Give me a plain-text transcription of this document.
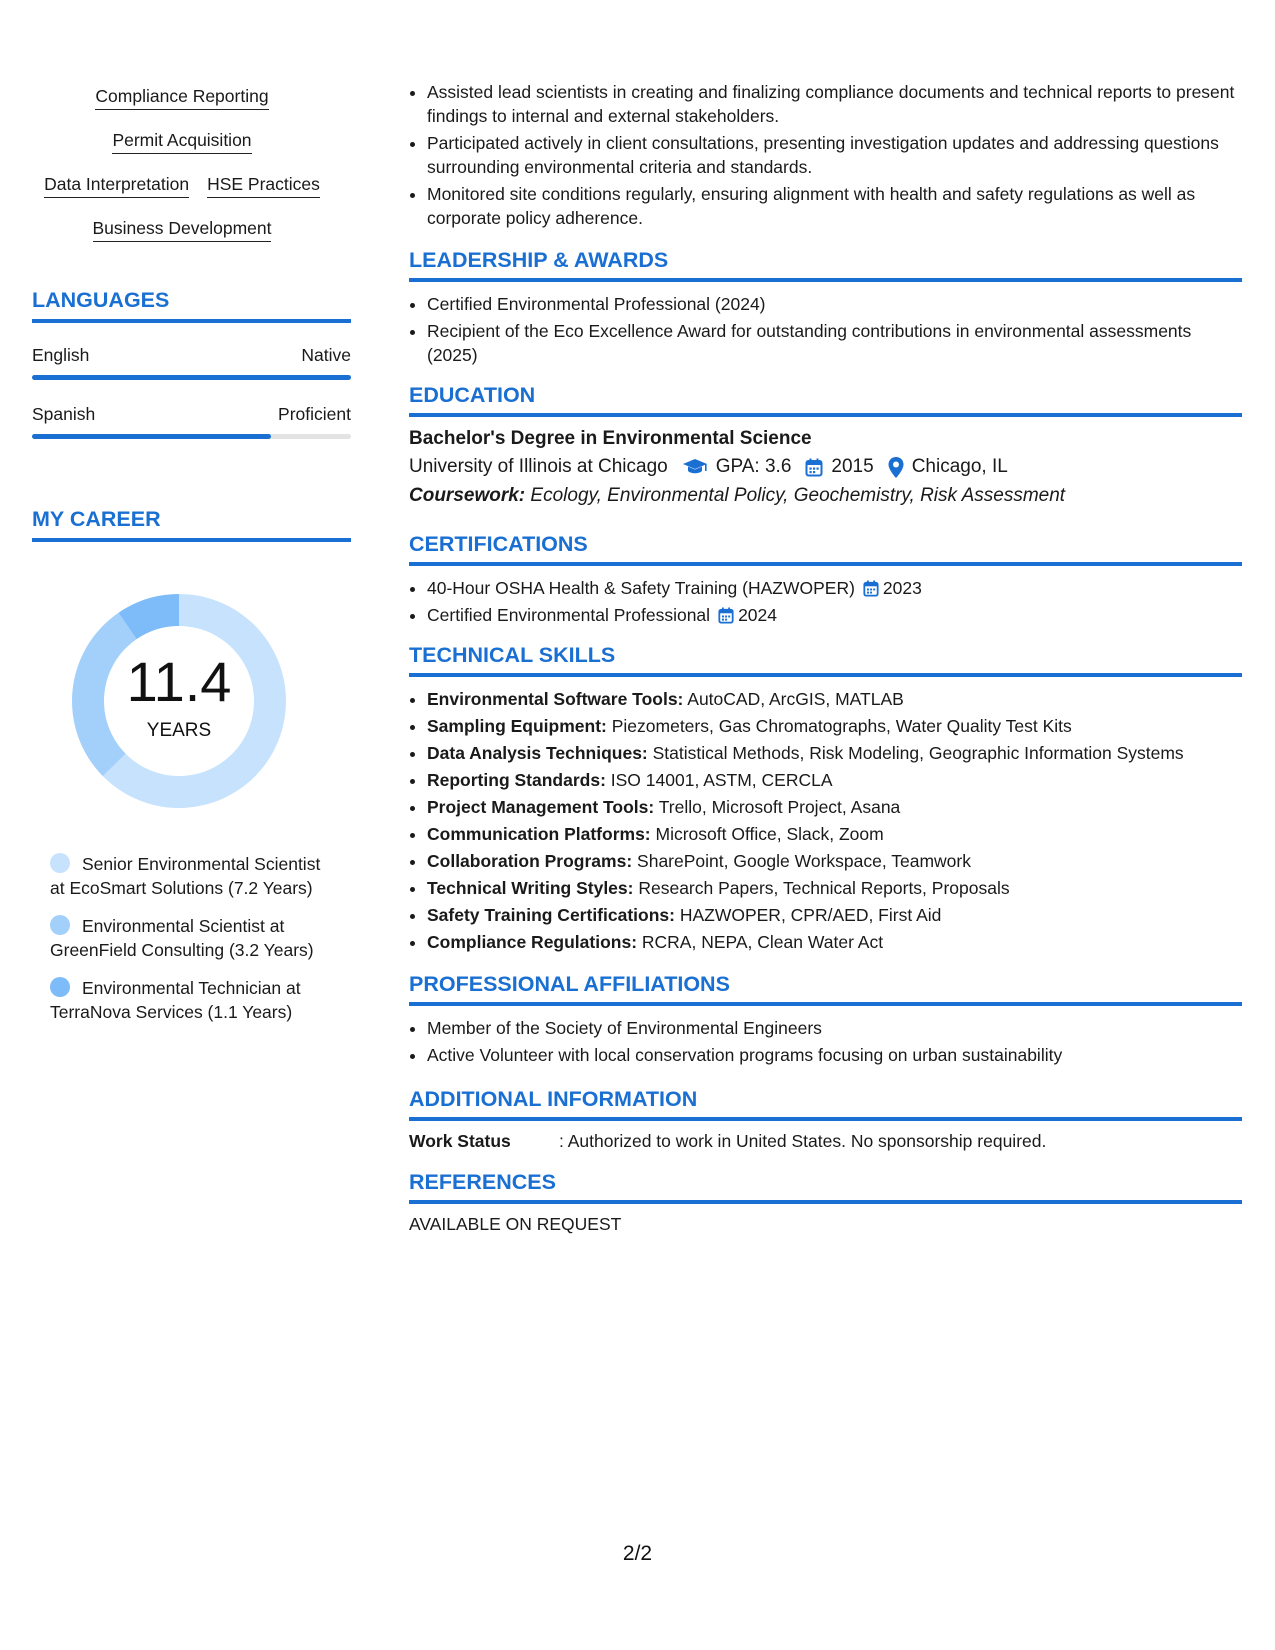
Compliance Reporting
Permit Acquisition
Data Interpretation HSE Practices
Business Development
LANGUAGES
English	Native
Spanish	Proficient
MY CAREER
11.4
YEARS
Senior Environmental Scientist at EcoSmart Solutions (7.2 Years)
Environmental Scientist at GreenField Consulting (3.2 Years)
Environmental Technician at TerraNova Services (1.1 Years)
• Assisted lead scientists in creating and finalizing compliance documents and technical reports to present findings to internal and external stakeholders.
• Participated actively in client consultations, presenting investigation updates and addressing questions surrounding environmental criteria and standards.
• Monitored site conditions regularly, ensuring alignment with health and safety regulations as well as corporate policy adherence.
LEADERSHIP & AWARDS
• Certified Environmental Professional (2024)
• Recipient of the Eco Excellence Award for outstanding contributions in environmental assessments (2025)
EDUCATION
Bachelor's Degree in Environmental Science
University of Illinois at Chicago	GPA: 3.6 2015 Chicago, IL
Coursework: Ecology, Environmental Policy, Geochemistry, Risk Assessment
CERTIFICATIONS
• 40-Hour OSHA Health & Safety Training (HAZWOPER) 2023
• Certified Environmental Professional 2024
TECHNICAL SKILLS
• Environmental Software Tools: AutoCAD, ArcGIS, MATLAB
• Sampling Equipment: Piezometers, Gas Chromatographs, Water Quality Test Kits
• Data Analysis Techniques: Statistical Methods, Risk Modeling, Geographic Information Systems
• Reporting Standards: ISO 14001, ASTM, CERCLA
• Project Management Tools: Trello, Microsoft Project, Asana
• Communication Platforms: Microsoft Office, Slack, Zoom
• Collaboration Programs: SharePoint, Google Workspace, Teamwork
• Technical Writing Styles: Research Papers, Technical Reports, Proposals
• Safety Training Certifications: HAZWOPER, CPR/AED, First Aid
• Compliance Regulations: RCRA, NEPA, Clean Water Act
PROFESSIONAL AFFILIATIONS
• Member of the Society of Environmental Engineers
• Active Volunteer with local conservation programs focusing on urban sustainability
ADDITIONAL INFORMATION
Work Status	: Authorized to work in United States. No sponsorship required.
REFERENCES
AVAILABLE ON REQUEST
2/2
